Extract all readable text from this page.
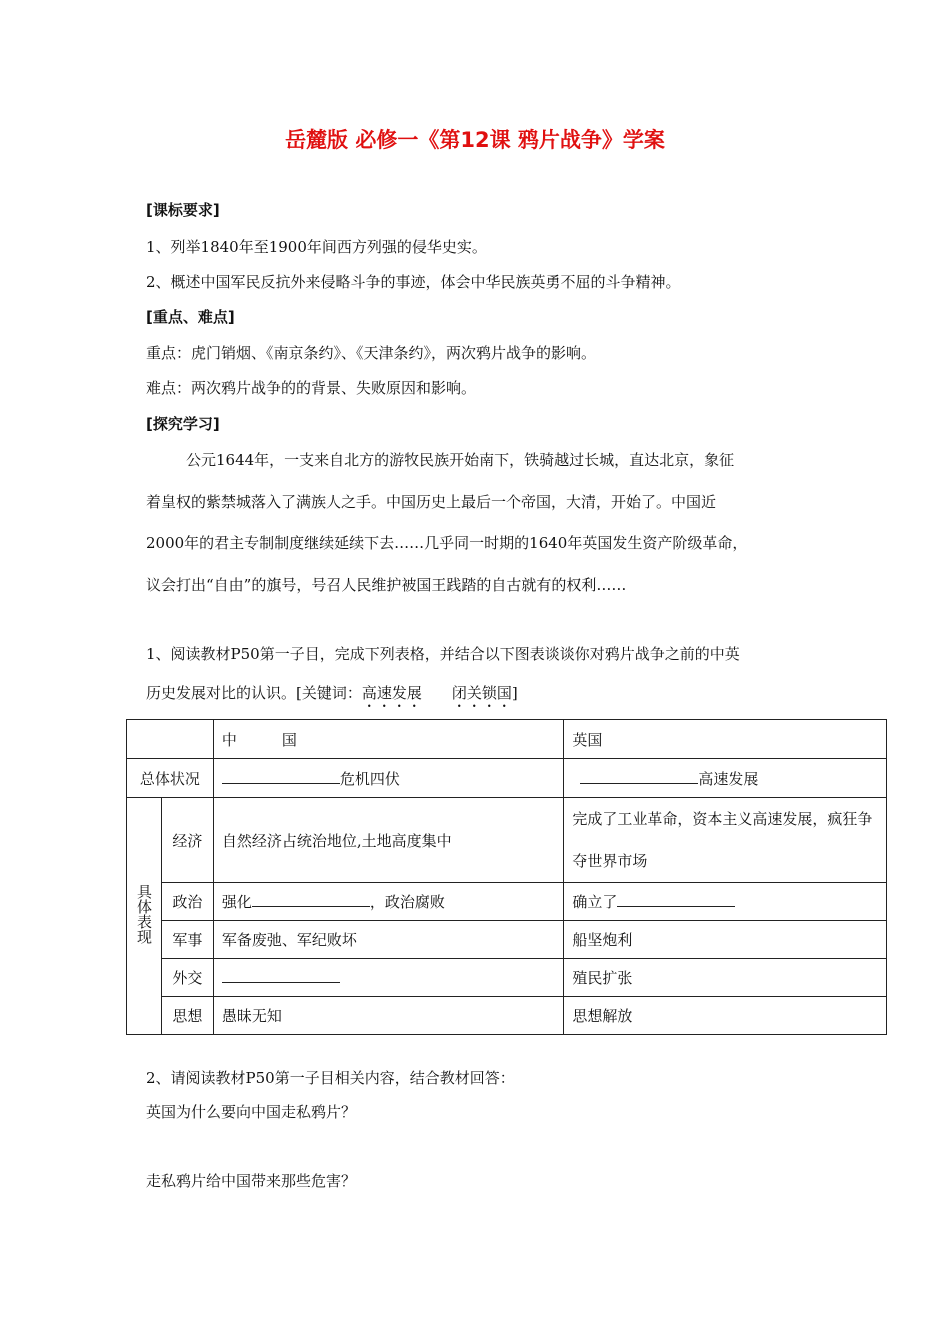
岳麓版 必修一《第12课 鸦片战争》学案
[课标要求]
1、列举1840年至1900年间西方列强的侵华史实。
2、概述中国军民反抗外来侵略斗争的事迹，体会中华民族英勇不屈的斗争精神。
[重点、难点]
重点：虎门销烟、《南京条约》、《天津条约》，两次鸦片战争的影响。
难点：两次鸦片战争的的背景、失败原因和影响。
[探究学习]
公元1644年，一支来自北方的游牧民族开始南下，铁骑越过长城，直达北京，象征
着皇权的紫禁城落入了满族人之手。中国历史上最后一个帝国，大清，开始了。中国近
2000年的君主专制制度继续延续下去……几乎同一时期的1640年英国发生资产阶级革命，
议会打出“自由”的旗号，号召人民维护被国王践踏的自古就有的权利……
1、阅读教材P50第一子目，完成下列表格，并结合以下图表谈谈你对鸦片战争之前的中英
历史发展对比的认识。[关键词：高速发展 闭关锁国]
		中　　　国	英国
总体状况		危机四伏	高速发展
具体表现	经济	自然经济占统治地位,土地高度集中	完成了工业革命，资本主义高速发展，疯狂争夺世界市场
	政治	强化 ，政治腐败	确立了
	军事	军备废弛、军纪败坏	船坚炮利
	外交		殖民扩张
	思想	愚昧无知	思想解放
2、请阅读教材P50第一子目相关内容，结合教材回答：
英国为什么要向中国走私鸦片？
走私鸦片给中国带来那些危害？
